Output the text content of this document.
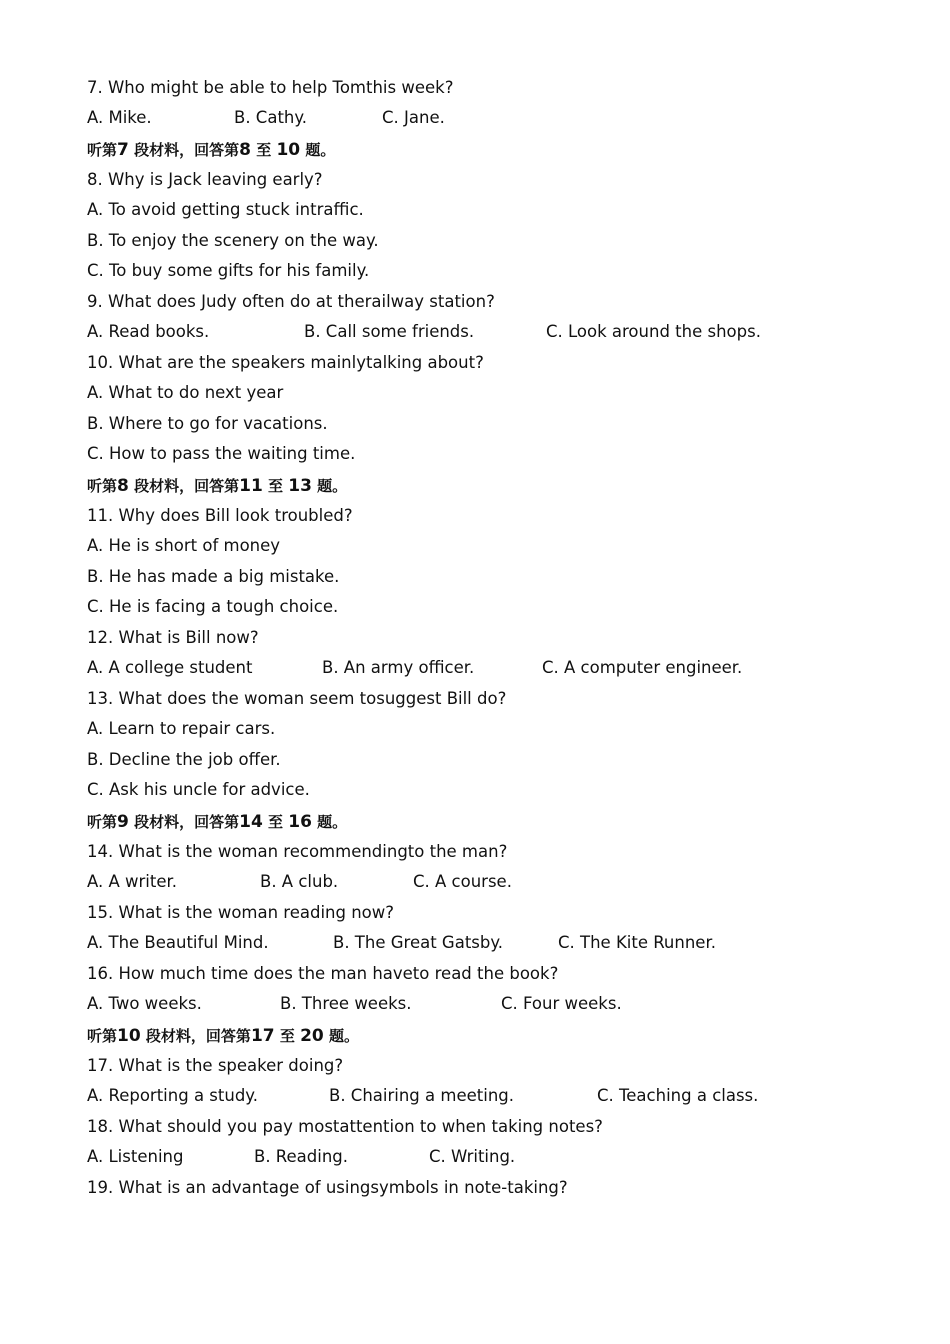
7. Who might be able to help Tomthis week?
A. Mike.	B. Cathy.	C. Jane.
听第7 段材料，回答第8 至 10 题。
8. Why is Jack leaving early?
A. To avoid getting stuck intraffic.
B. To enjoy the scenery on the way.
C. To buy some gifts for his family.
9. What does Judy often do at therailway station?
A. Read books.	B. Call some friends.	C. Look around the shops.
10. What are the speakers mainlytalking about?
A. What to do next year
B. Where to go for vacations.
C. How to pass the waiting time.
听第8 段材料，回答第11 至 13 题。
11. Why does Bill look troubled?
A. He is short of money
B. He has made a big mistake.
C. He is facing a tough choice.
12. What is Bill now?
A. A college student	B. An army officer.	C. A computer engineer.
13. What does the woman seem tosuggest Bill do?
A. Learn to repair cars.
B. Decline the job offer.
C. Ask his uncle for advice.
听第9 段材料，回答第14 至 16 题。
14. What is the woman recommendingto the man?
A. A writer.	B. A club.	C. A course.
15. What is the woman reading now?
A. The Beautiful Mind.	B. The Great Gatsby.	C. The Kite Runner.
16. How much time does the man haveto read the book?
A. Two weeks.	B. Three weeks.	C. Four weeks.
听第10 段材料，回答第17 至 20 题。
17. What is the speaker doing?
A. Reporting a study.	B. Chairing a meeting.	C. Teaching a class.
18. What should you pay mostattention to when taking notes?
A. Listening	B. Reading.	C. Writing.
19. What is an advantage of usingsymbols in note-taking?
